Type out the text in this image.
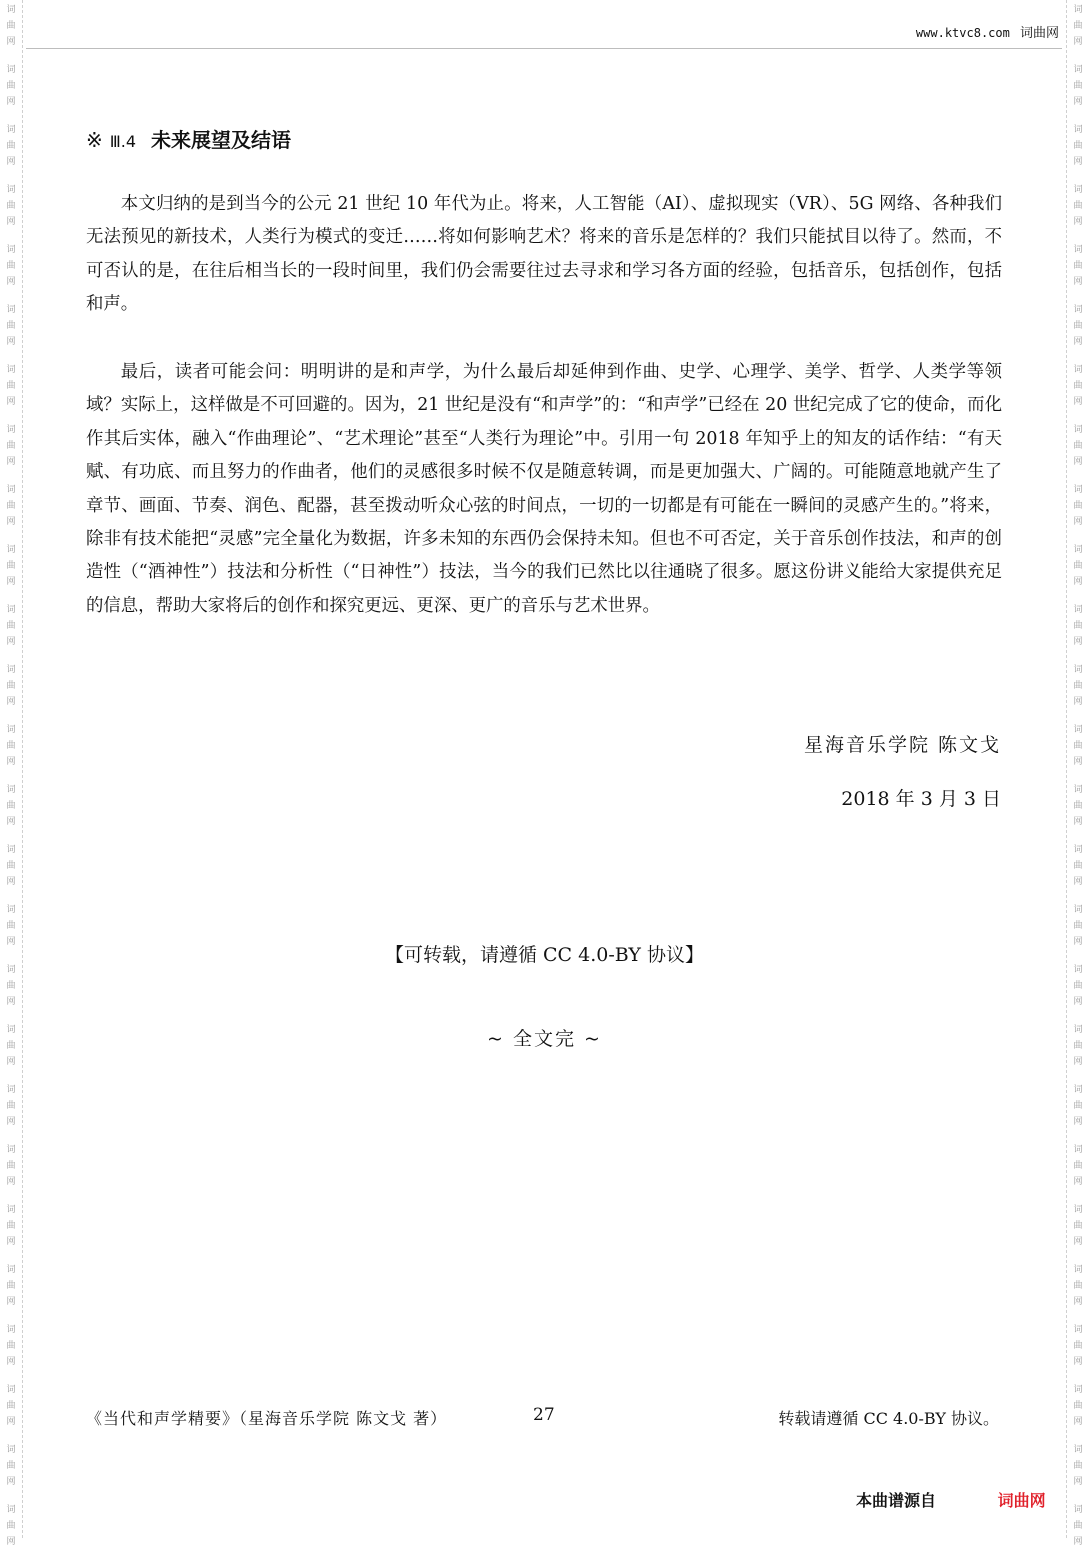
词
曲
网
词
曲
网
词
曲
网
词
曲
网
词
曲
网
词
曲
网
词
曲
网
词
曲
网
词
曲
网
词
曲
网
词
曲
网
词
曲
网
词
曲
网
词
曲
网
词
曲
网
词
曲
网
词
曲
网
词
曲
网
词
曲
网
词
曲
网
词
曲
网
词
曲
网
词
曲
网
词
曲
网
词
曲
网
词
曲
网
词
曲
网
词
曲
网
词
曲
网
词
曲
网
词
曲
网
词
曲
网
词
曲
网
词
曲
网
词
曲
网
词
曲
网
词
曲
网
词
曲
网
词
曲
网
词
曲
网
词
曲
网
词
曲
网
词
曲
网
词
曲
网
词
曲
网
词
曲
网
词
曲
网
词
曲
网
词
曲
网
词
曲
网
词
曲
网
词
曲
网
www.ktvc8.com 词曲网
※ Ⅲ.4 未来展望及结语

本文归纳的是到当今的公元 21 世纪 10 年代为止。将来，人工智能（AI）、虚拟现实（VR）、5G 网络、各种我们无法预见的新技术，人类行为模式的变迁……将如何影响艺术？将来的音乐是怎样的？我们只能拭目以待了。然而，不可否认的是，在往后相当长的一段时间里，我们仍会需要往过去寻求和学习各方面的经验，包括音乐，包括创作，包括和声。

最后，读者可能会问：明明讲的是和声学，为什么最后却延伸到作曲、史学、心理学、美学、哲学、人类学等领域？实际上，这样做是不可回避的。因为，21 世纪是没有“和声学”的：“和声学”已经在 20 世纪完成了它的使命，而化作其后实体，融入“作曲理论”、“艺术理论”甚至“人类行为理论”中。引用一句 2018 年知乎上的知友的话作结：“有天赋、有功底、而且努力的作曲者，他们的灵感很多时候不仅是随意转调，而是更加强大、广阔的。可能随意地就产生了章节、画面、节奏、润色、配器，甚至拨动听众心弦的时间点，一切的一切都是有可能在一瞬间的灵感产生的。”将来，除非有技术能把“灵感”完全量化为数据，许多未知的东西仍会保持未知。但也不可否定，关于音乐创作技法，和声的创造性（“酒神性”）技法和分析性（“日神性”）技法，当今的我们已然比以往通晓了很多。愿这份讲义能给大家提供充足的信息，帮助大家将后的创作和探究更远、更深、更广的音乐与艺术世界。

星海音乐学院 陈文戈
2018 年 3 月 3 日
【可转载，请遵循 CC 4.0-BY 协议】
~ 全文完 ~
《当代和声学精要》（星海音乐学院 陈文戈 著）	27	转载请遵循 CC 4.0-BY 协议。
本曲谱源自	词曲网
